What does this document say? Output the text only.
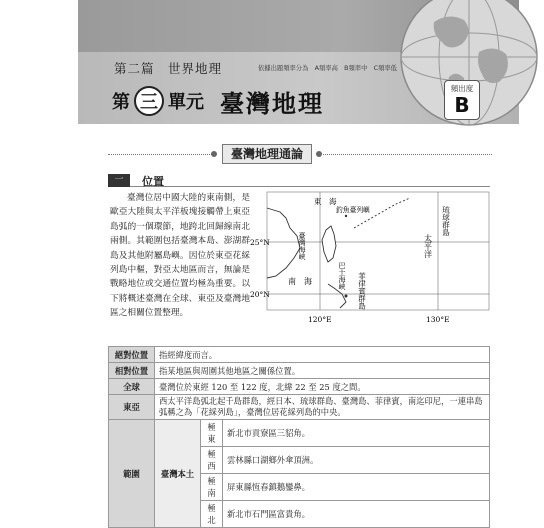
第二篇　世界地理	依據出題頻率分為　A頻率高　B頻率中　C頻率低
第 三 單元 臺灣地理
頻出度
B
臺灣地理通論
一	位置
臺灣位居中國大陸的東南側，是歐亞大陸與太平洋板塊接觸帶上東亞島弧的一個環節，地跨北回歸線南北兩側。其範圍包括臺灣本島、澎湖群島及其他附屬島嶼。因位於東亞花綵列島中樞，對亞太地區而言，無論是戰略地位或交通位置均極為重要。以下將概述臺灣在全球、東亞及臺灣地區之相關位置整理。
東　海
釣魚臺列嶼	琉球群島
臺灣海峽
南　海	巴士海峽
太平洋
菲律賓群島
25°N
20°N
120°E	130°E
絕對位置	指經緯度而言。		
相對位置	指某地區與周圍其他地區之關係位置。		
全球	臺灣位於東經 120 至 122 度，北緯 22 至 25 度之間。		
東亞	西太平洋島弧北起千島群島，經日本、琉球群島、臺灣島、菲律賓，南迄印尼，一連串島弧稱之為「花綵列島」，臺灣位居花綵列島的中央。		
範圍	臺灣本土	極東	新北市貢寮區三貂角。
		極西	雲林縣口湖鄉外傘頂洲。
		極南	屏東縣恆春鎮鵝鑾鼻。
		極北	新北市石門區富貴角。
